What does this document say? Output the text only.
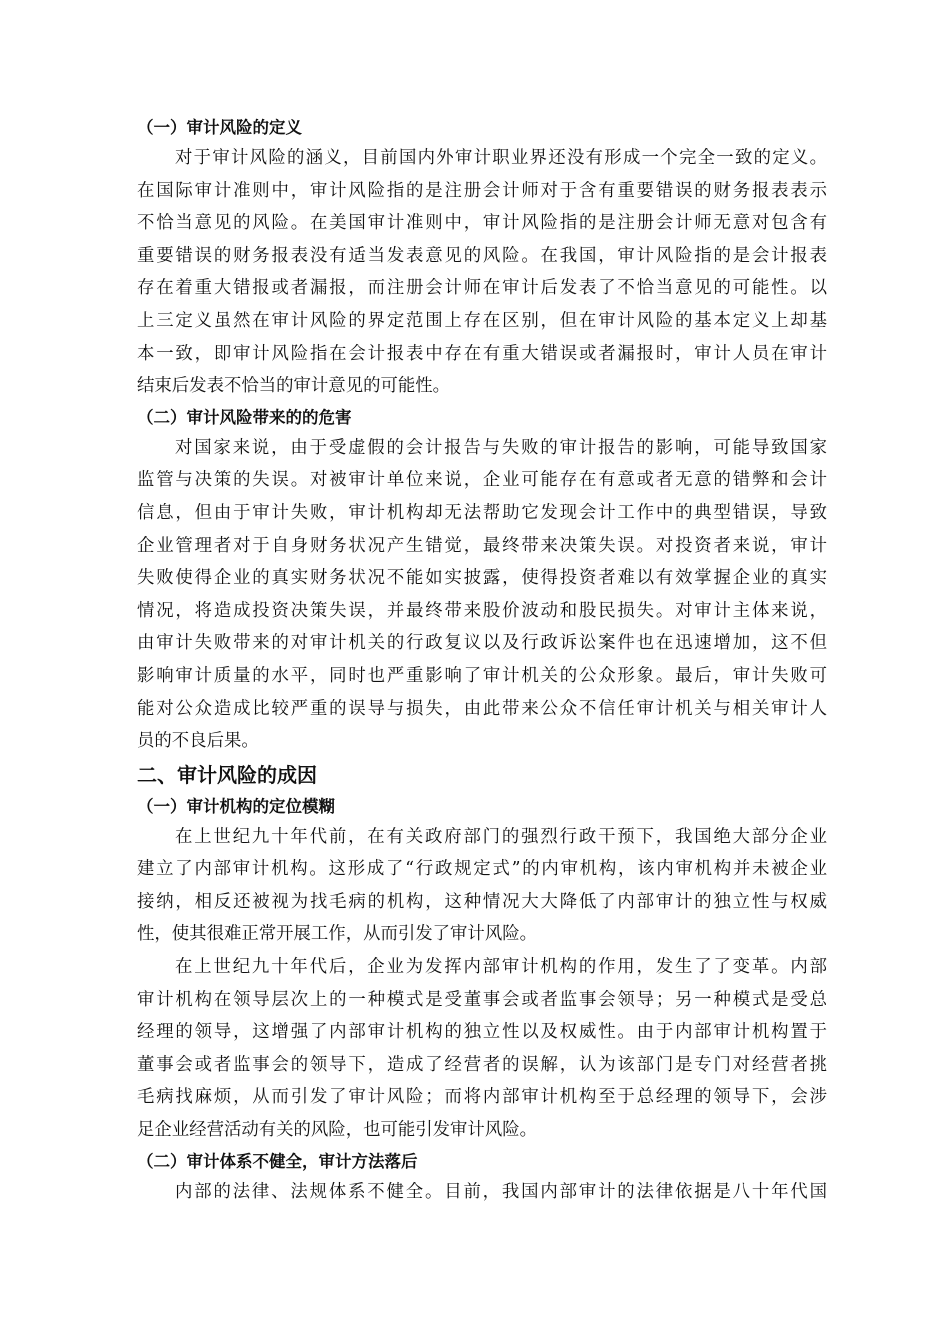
（一）审计风险的定义
对于审计风险的涵义，目前国内外审计职业界还没有形成一个完全一致的定义。
在国际审计准则中，审计风险指的是注册会计师对于含有重要错误的财务报表表示
不恰当意见的风险。在美国审计准则中，审计风险指的是注册会计师无意对包含有
重要错误的财务报表没有适当发表意见的风险。在我国，审计风险指的是会计报表
存在着重大错报或者漏报，而注册会计师在审计后发表了不恰当意见的可能性。以
上三定义虽然在审计风险的界定范围上存在区别，但在审计风险的基本定义上却基
本一致，即审计风险指在会计报表中存在有重大错误或者漏报时，审计人员在审计
结束后发表不恰当的审计意见的可能性。
（二）审计风险带来的的危害
对国家来说，由于受虚假的会计报告与失败的审计报告的影响，可能导致国家
监管与决策的失误。对被审计单位来说，企业可能存在有意或者无意的错弊和会计
信息，但由于审计失败，审计机构却无法帮助它发现会计工作中的典型错误，导致
企业管理者对于自身财务状况产生错觉，最终带来决策失误。对投资者来说，审计
失败使得企业的真实财务状况不能如实披露，使得投资者难以有效掌握企业的真实
情况，将造成投资决策失误，并最终带来股价波动和股民损失。对审计主体来说，
由审计失败带来的对审计机关的行政复议以及行政诉讼案件也在迅速增加，这不但
影响审计质量的水平，同时也严重影响了审计机关的公众形象。最后，审计失败可
能对公众造成比较严重的误导与损失，由此带来公众不信任审计机关与相关审计人
员的不良后果。
二、审计风险的成因
（一）审计机构的定位模糊
在上世纪九十年代前，在有关政府部门的强烈行政干预下，我国绝大部分企业
建立了内部审计机构。这形成了“行政规定式”的内审机构，该内审机构并未被企业
接纳，相反还被视为找毛病的机构，这种情况大大降低了内部审计的独立性与权威
性，使其很难正常开展工作，从而引发了审计风险。
在上世纪九十年代后，企业为发挥内部审计机构的作用，发生了了变革。内部
审计机构在领导层次上的一种模式是受董事会或者监事会领导；另一种模式是受总
经理的领导，这增强了内部审计机构的独立性以及权威性。由于内部审计机构置于
董事会或者监事会的领导下，造成了经营者的误解，认为该部门是专门对经营者挑
毛病找麻烦，从而引发了审计风险；而将内部审计机构至于总经理的领导下，会涉
足企业经营活动有关的风险，也可能引发审计风险。
（二）审计体系不健全，审计方法落后
内部的法律、法规体系不健全。目前，我国内部审计的法律依据是八十年代国
